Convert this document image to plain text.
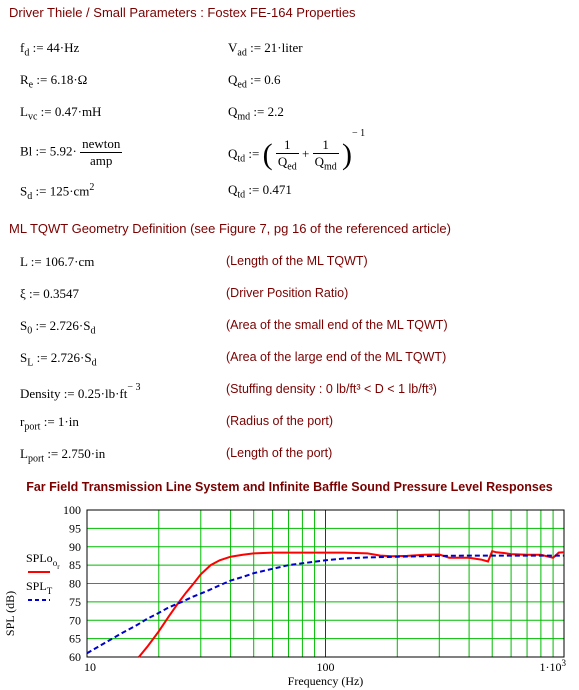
Driver Thiele / Small Parameters : Fostex FE-164 Properties
$f_d$ := 44·Hz	$V_{ad}$ := 21·liter
$R_e$ := 6.18·Ω	$Q_{ed}$ := 0.6
$L_{vc}$ := 0.47·mH	$Q_{md}$ := 2.2
Bl := $5.92\cdot \frac{\text{newton}}{\text{amp}}$	$Q_{td}$ := ( $\frac{1}{Q_{ed}} + \frac{1}{Q_{md}} )^{- 1}$
$S_d$ := $125\cdot cm^2$	$Q_{td}$ := 0.471
ML TQWT Geometry Definition (see Figure 7, pg 16 of the referenced article)
L := 106.7·cm	(Length of the ML TQWT)
ξ := 0.3547	(Driver Position Ratio)
$S_0$ := $2.726\cdot S_d$	(Area of the small end of the ML TQWT)
$S_L$ := $2.726\cdot S_d$	(Area of the large end of the ML TQWT)
Density := $0.25\cdot lb\cdot ft^{- 3}$	(Stuffing density : 0 lb/ft³ < D < 1 lb/ft³)
$r_{port}$ := 1·in	(Radius of the port)
$L_{port}$ := 2.750·in	(Length of the port)
Far Field Transmission Line System and Infinite Baffle Sound Pressure Level Responses
100
95
90
85
80
75
70
65
60
10	100	$1\cdot 10^3$
SPL (dB)
Frequency (Hz)
SPLo$_{or}$
$SPL_T$
